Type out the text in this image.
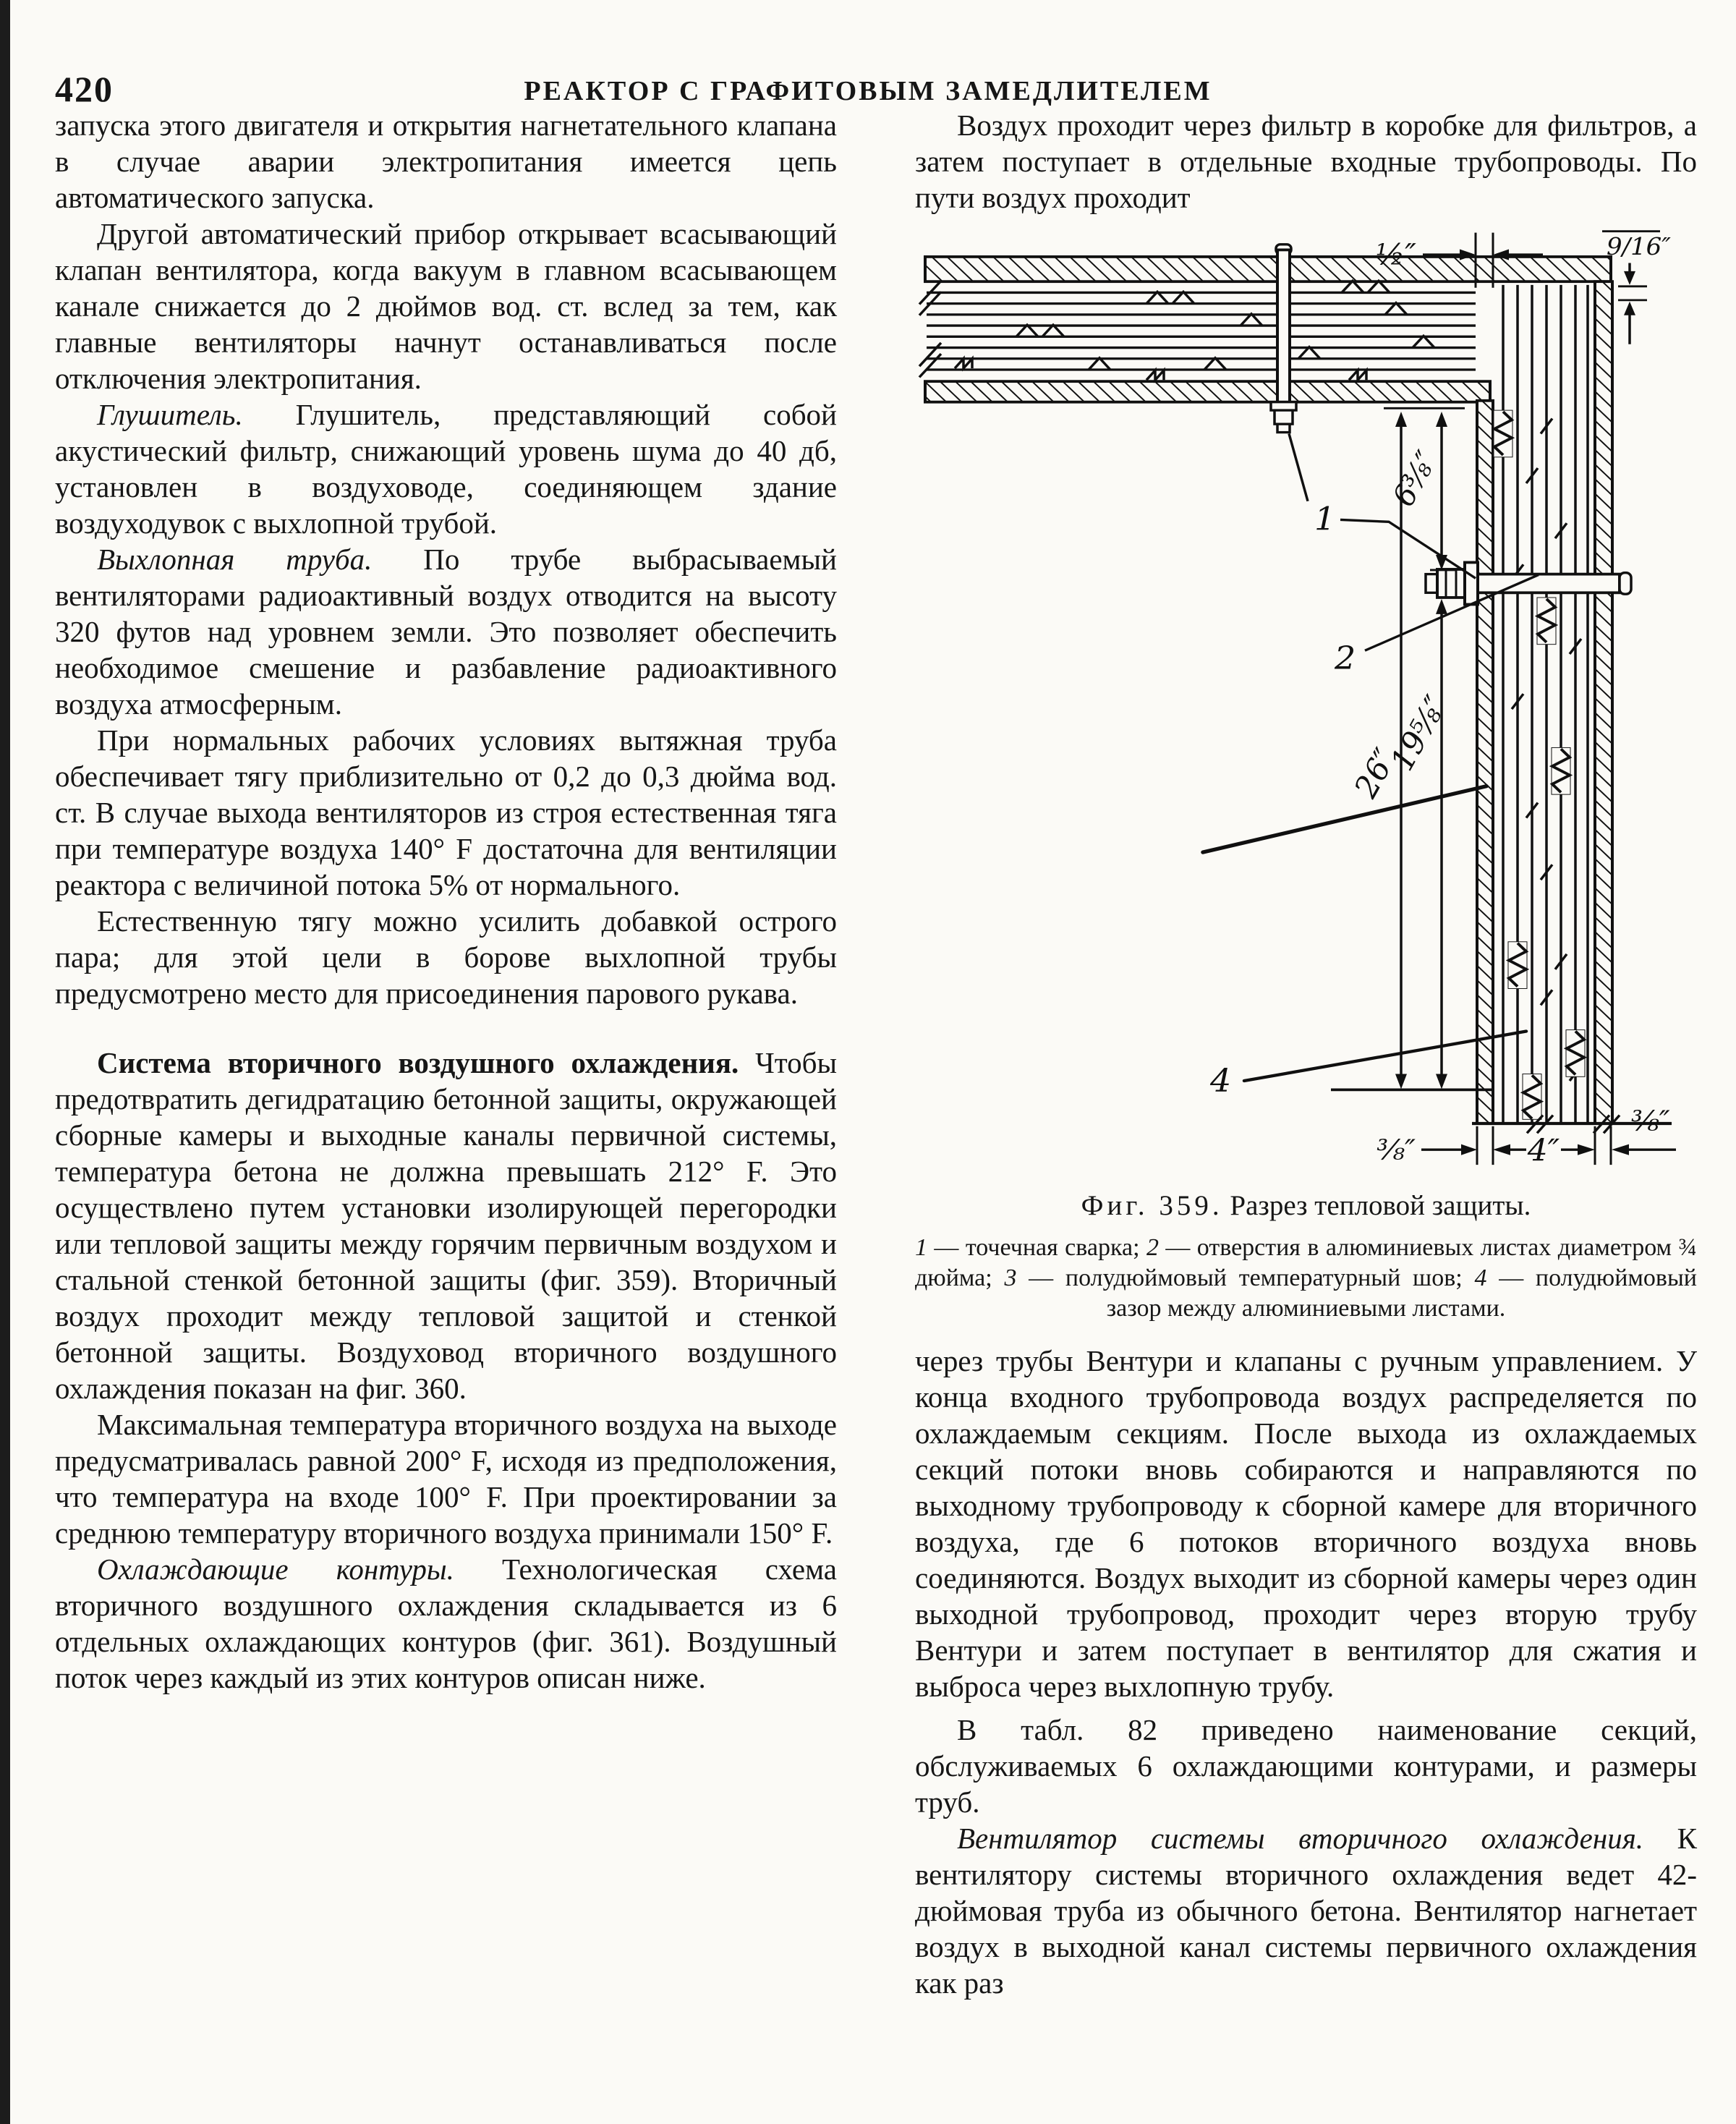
420	РЕАКТОР С ГРАФИТОВЫМ ЗАМЕДЛИТЕЛЕМ

запуска этого двигателя и открытия нагнетательного клапана в случае аварии электропитания имеется цепь автоматического запуска.

Другой автоматический прибор открывает всасывающий клапан вентилятора, когда вакуум в главном всасывающем канале снижается до 2 дюймов вод. ст. вслед за тем, как главные вентиляторы начнут останавливаться после отключения электропитания.

Глушитель. Глушитель, представляющий собой акустический фильтр, снижающий уровень шума до 40 дб, установлен в воздуховоде, соединяющем здание воздуходувок с выхлопной трубой.

Выхлопная труба. По трубе выбрасываемый вентиляторами радиоактивный воздух отводится на высоту 320 футов над уровнем земли. Это позволяет обеспечить необходимое смешение и разбавление радиоактивного воздуха атмосферным.

При нормальных рабочих условиях вытяжная труба обеспечивает тягу приблизительно от 0,2 до 0,3 дюйма вод. ст. В случае выхода вентиляторов из строя естественная тяга при температуре воздуха 140° F достаточна для вентиляции реактора с величиной потока 5% от нормального.

Естественную тягу можно усилить добавкой острого пара; для этой цели в борове выхлопной трубы предусмотрено место для присоединения парового рукава.

Система вторичного воздушного охлаждения. Чтобы предотвратить дегидратацию бетонной защиты, окружающей сборные камеры и выходные каналы первичной системы, температура бетона не должна превышать 212° F. Это осуществлено путем установки изолирующей перегородки или тепловой защиты между горячим первичным воздухом и стальной стенкой бетонной защиты (фиг. 359). Вторичный воздух проходит между тепловой защитой и стенкой бетонной защиты. Воздуховод вторичного воздушного охлаждения показан на фиг. 360.

Максимальная температура вторичного воздуха на выходе предусматривалась равной 200° F, исходя из предположения, что температура на входе 100° F. При проектировании за среднюю температуру вторичного воздуха принимали 150° F.

Охлаждающие контуры. Технологическая схема вторичного воздушного охлаждения складывается из 6 отдельных охлаждающих контуров (фиг. 361). Воздушный поток через каждый из этих контуров описан ниже.

Воздух проходит через фильтр в коробке для фильтров, а затем поступает в отдельные входные трубопроводы. По пути воздух проходит

1
2
4
½″	9/16″
6⅜″
26″
19⅝″
⅜″	4″
⅜″

Фиг. 359. Разрез тепловой защиты.

1 — точечная сварка; 2 — отверстия в алюминиевых листах диаметром ¾ дюйма; 3 — полудюймовый температурный шов; 4 — полудюймовый зазор между алюминиевыми листами.

через трубы Вентури и клапаны с ручным управлением. У конца входного трубопровода воздух распределяется по охлаждаемым секциям. После выхода из охлаждаемых секций потоки вновь собираются и направляются по выходному трубопроводу к сборной камере для вторичного воздуха, где 6 потоков вторичного воздуха вновь соединяются. Воздух выходит из сборной камеры через один выходной трубопровод, проходит через вторую трубу Вентури и затем поступает в вентилятор для сжатия и выброса через выхлопную трубу.

В табл. 82 приведено наименование секций, обслуживаемых 6 охлаждающими контурами, и размеры труб.

Вентилятор системы вторичного охлаждения. К вентилятору системы вторичного охлаждения ведет 42-дюймовая труба из обычного бетона. Вентилятор нагнетает воздух в выходной канал системы первичного охлаждения как раз
